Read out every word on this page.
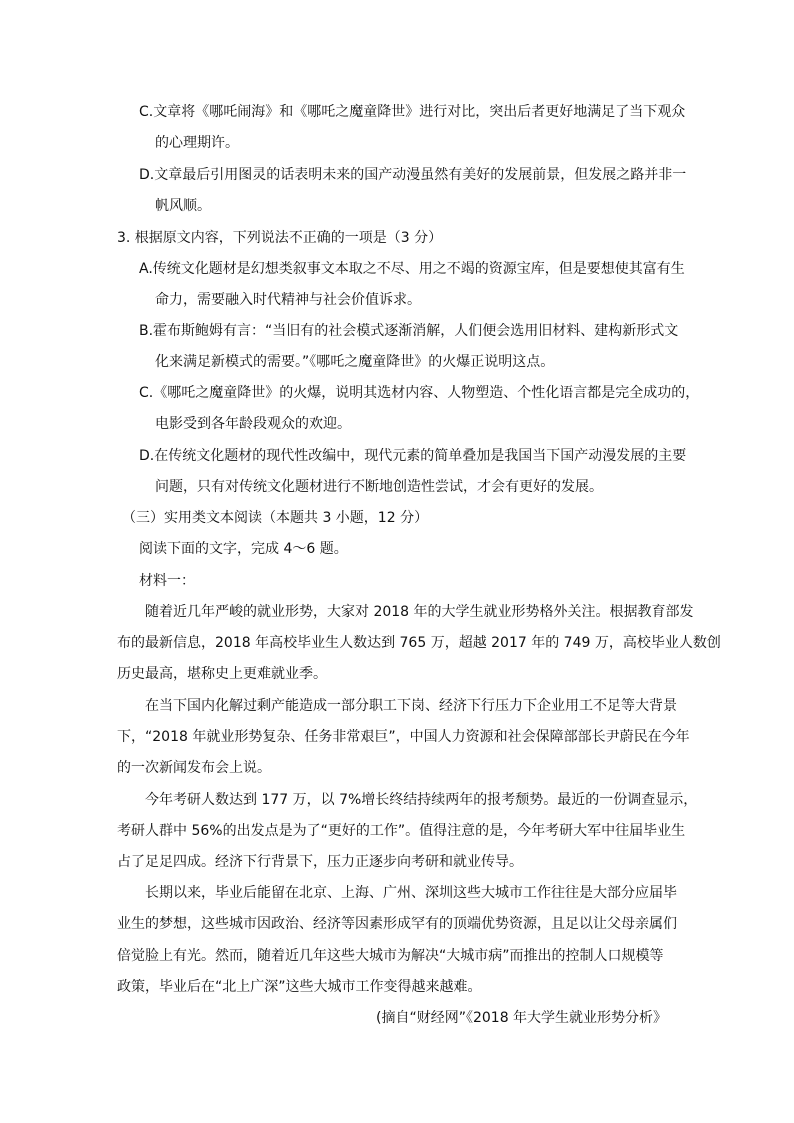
C.文章将《哪吒闹海》和《哪吒之魔童降世》进行对比，突出后者更好地满足了当下观众
的心理期许。
D.文章最后引用图灵的话表明未来的国产动漫虽然有美好的发展前景，但发展之路并非一
帆风顺。
3. 根据原文内容，下列说法不正确的一项是（3 分）
A.传统文化题材是幻想类叙事文本取之不尽、用之不竭的资源宝库，但是要想使其富有生
命力，需要融入时代精神与社会价值诉求。
B.霍布斯鲍姆有言：“当旧有的社会模式逐渐消解，人们便会选用旧材料、建构新形式文
化来满足新模式的需要。”《哪吒之魔童降世》的火爆正说明这点。
C.《哪吒之魔童降世》的火爆，说明其选材内容、人物塑造、个性化语言都是完全成功的，
电影受到各年龄段观众的欢迎。
D.在传统文化题材的现代性改编中，现代元素的简单叠加是我国当下国产动漫发展的主要
问题，只有对传统文化题材进行不断地创造性尝试，才会有更好的发展。
（三）实用类文本阅读（本题共 3 小题，12 分）
阅读下面的文字，完成 4～6 题。
材料一：
随着近几年严峻的就业形势，大家对 2018 年的大学生就业形势格外关注。根据教育部发
布的最新信息，2018 年高校毕业生人数达到 765 万，超越 2017 年的 749 万，高校毕业人数创
历史最高，堪称史上更难就业季。
在当下国内化解过剩产能造成一部分职工下岗、经济下行压力下企业用工不足等大背景
下，“2018 年就业形势复杂、任务非常艰巨”，中国人力资源和社会保障部部长尹蔚民在今年
的一次新闻发布会上说。
今年考研人数达到 177 万，以 7%增长终结持续两年的报考颓势。最近的一份调查显示，
考研人群中 56%的出发点是为了“更好的工作”。值得注意的是，今年考研大军中往届毕业生
占了足足四成。经济下行背景下，压力正逐步向考研和就业传导。
长期以来，毕业后能留在北京、上海、广州、深圳这些大城市工作往往是大部分应届毕
业生的梦想，这些城市因政治、经济等因素形成罕有的顶端优势资源，且足以让父母亲属们
倍觉脸上有光。然而，随着近几年这些大城市为解决“大城市病”而推出的控制人口规模等
政策，毕业后在“北上广深”这些大城市工作变得越来越难。
(摘自“财经网”《2018 年大学生就业形势分析》
